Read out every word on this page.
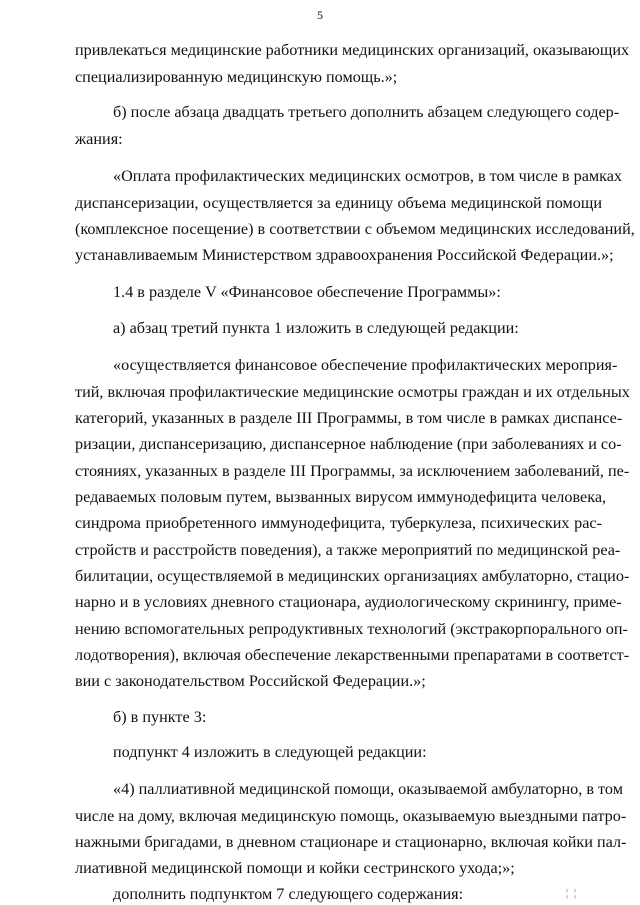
5
привлекаться медицинские работники медицинских организаций, оказывающих
специализированную медицинскую помощь.»;
б) после абзаца двадцать третьего дополнить абзацем следующего содер-
жания:
«Оплата профилактических медицинских осмотров, в том числе в рамках
диспансеризации, осуществляется за единицу объема медицинской помощи
(комплексное посещение) в соответствии с объемом медицинских исследований,
устанавливаемым Министерством здравоохранения Российской Федерации.»;
1.4 в разделе V «Финансовое обеспечение Программы»:
а) абзац третий пункта 1 изложить в следующей редакции:
«осуществляется финансовое обеспечение профилактических мероприя-
тий, включая профилактические медицинские осмотры граждан и их отдельных
категорий, указанных в разделе III Программы, в том числе в рамках диспансе-
ризации, диспансеризацию, диспансерное наблюдение (при заболеваниях и со-
стояниях, указанных в разделе III Программы, за исключением заболеваний, пе-
редаваемых половым путем, вызванных вирусом иммунодефицита человека,
синдрома приобретенного иммунодефицита, туберкулеза, психических рас-
стройств и расстройств поведения), а также мероприятий по медицинской реа-
билитации, осуществляемой в медицинских организациях амбулаторно, стацио-
нарно и в условиях дневного стационара, аудиологическому скринингу, приме-
нению вспомогательных репродуктивных технологий (экстракорпорального оп-
лодотворения), включая обеспечение лекарственными препаратами в соответст-
вии с законодательством Российской Федерации.»;
б) в пункте 3:
подпункт 4 изложить в следующей редакции:
«4) паллиативной медицинской помощи, оказываемой амбулаторно, в том
числе на дому, включая медицинскую помощь, оказываемую выездными патро-
нажными бригадами, в дневном стационаре и стационарно, включая койки пал-
лиативной медицинской помощи и койки сестринского ухода;»;
дополнить подпунктом 7 следующего содержания:	¦¦
